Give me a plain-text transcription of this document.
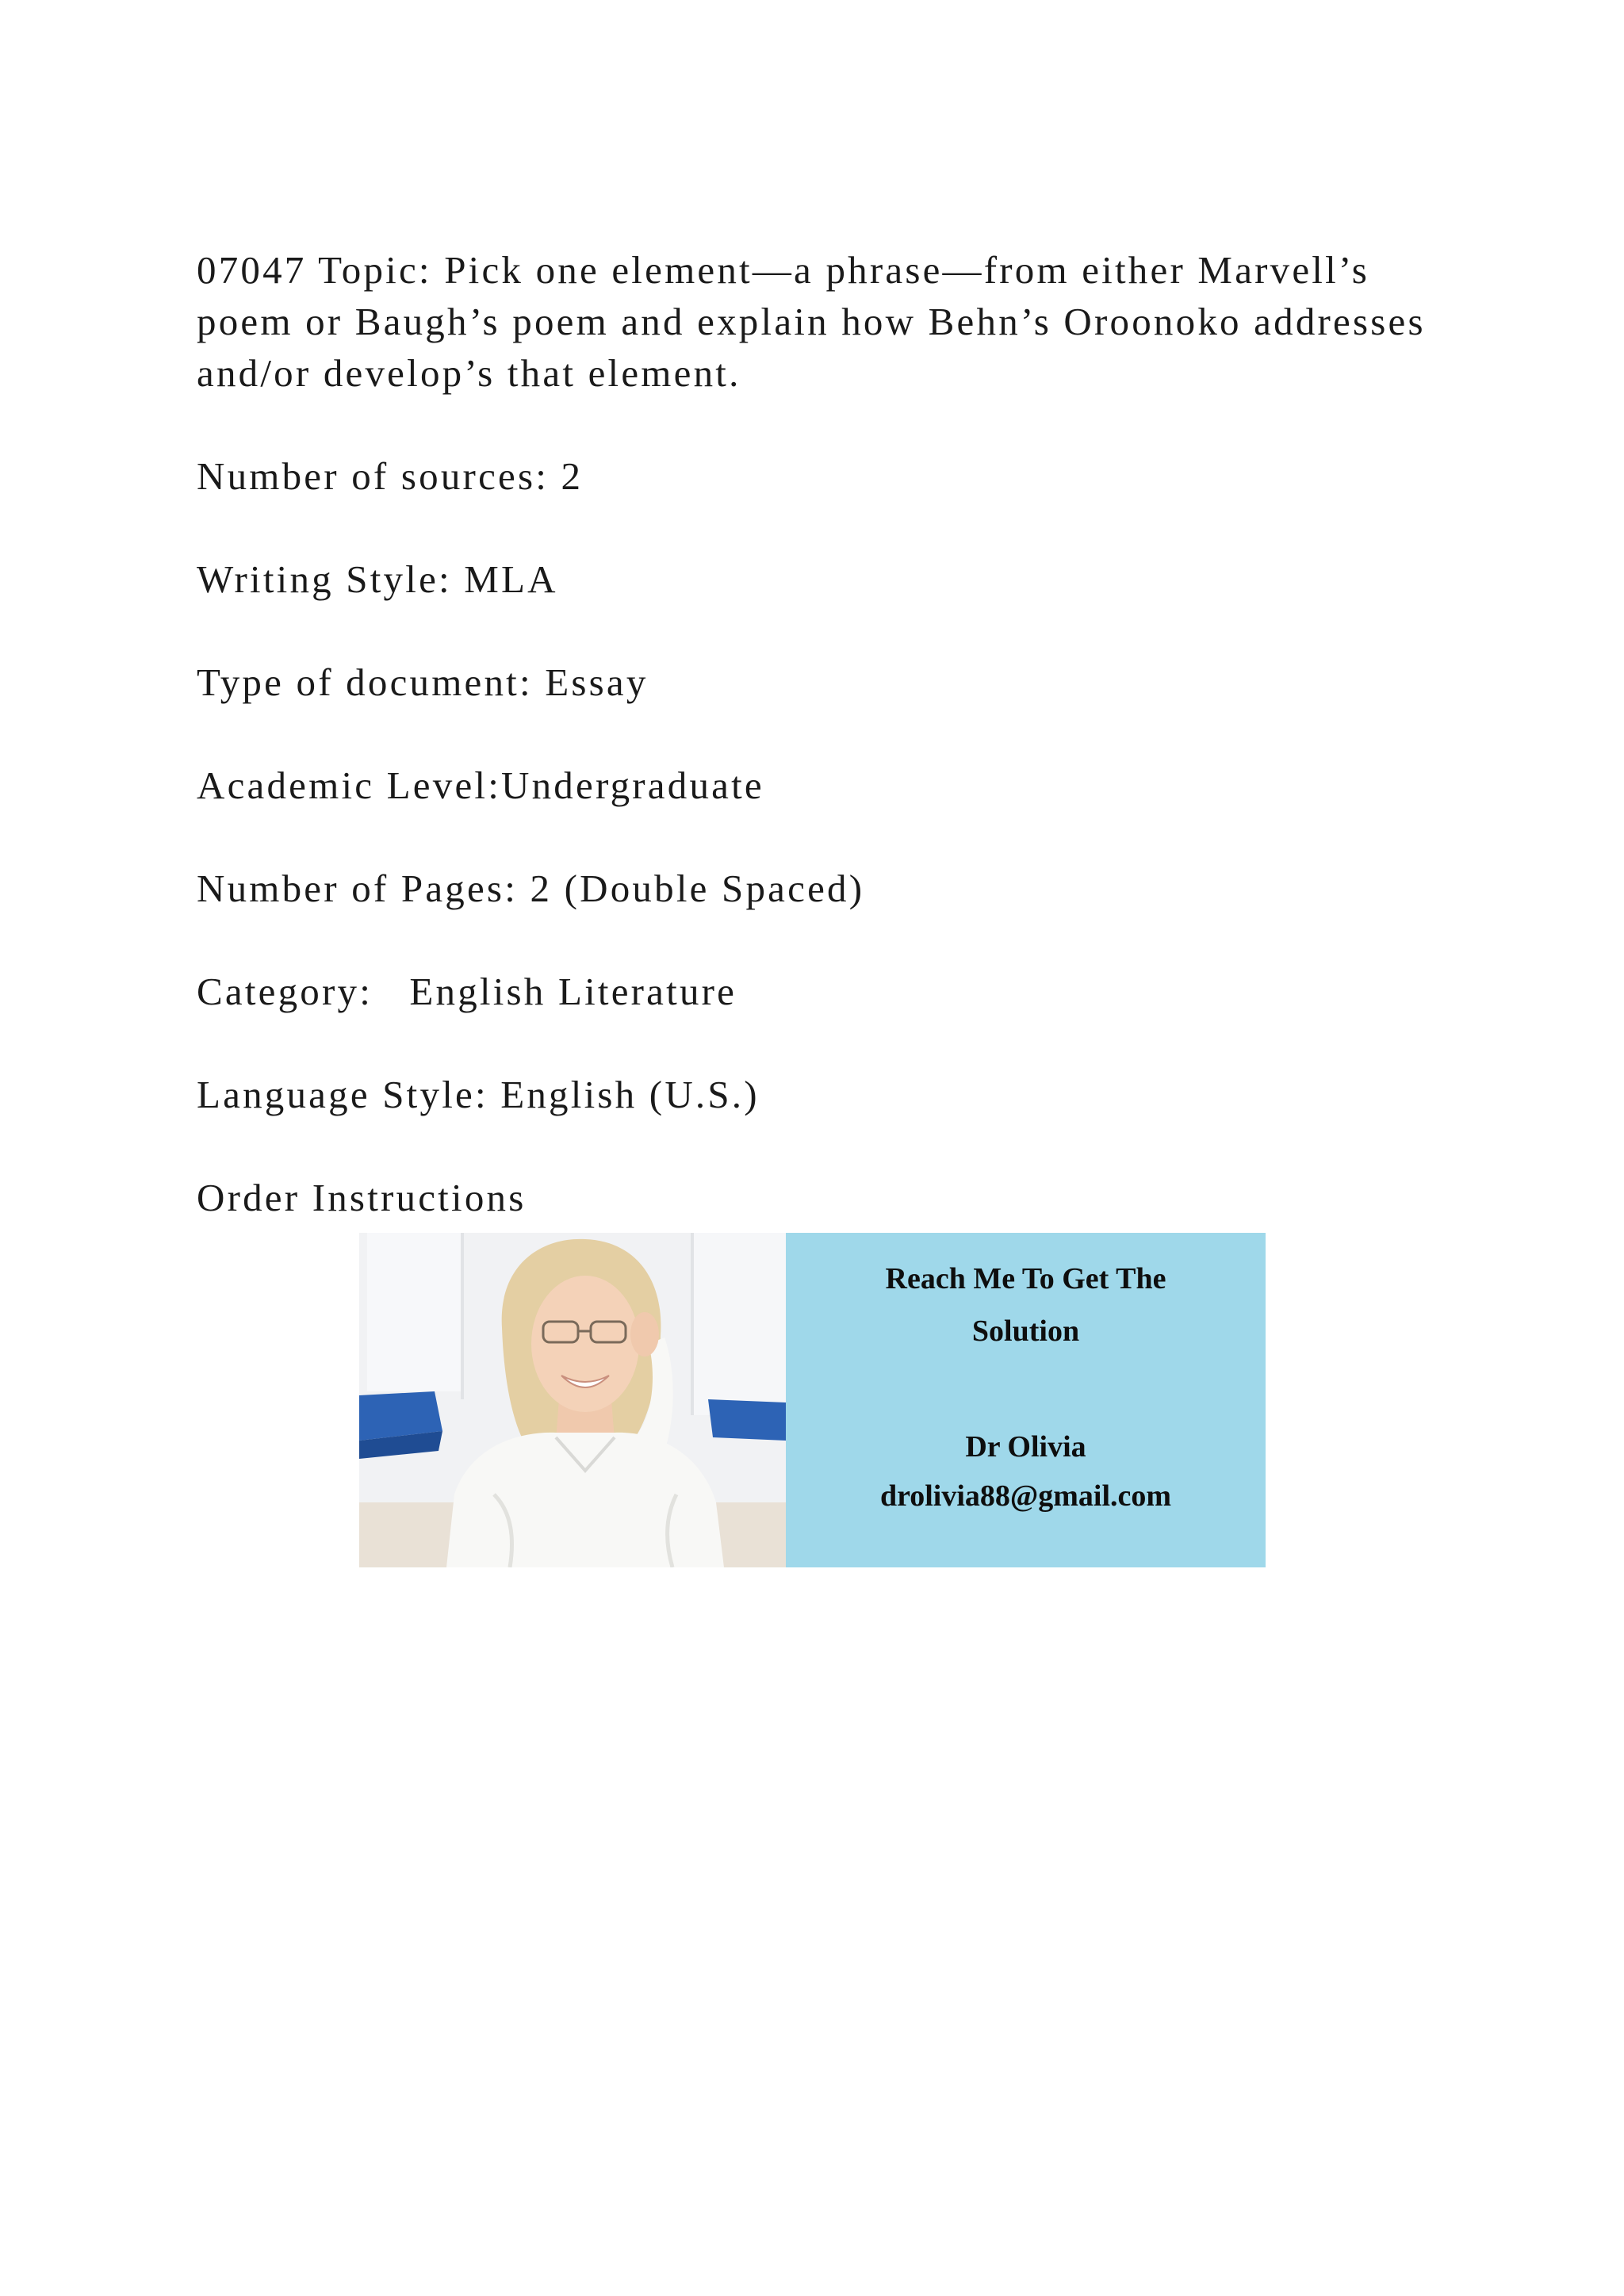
07047 Topic: Pick one element—a phrase—from either Marvell’s poem or Baugh’s poem and explain how Behn’s Oroonoko addresses and/or develop’s that element.

Number of sources: 2

Writing Style: MLA

Type of document: Essay

Academic Level:Undergraduate

Number of Pages: 2 (Double Spaced)

Category:   English Literature

Language Style: English (U.S.)

Order Instructions

Reach Me To Get The
Solution
Dr Olivia
drolivia88@gmail.com
